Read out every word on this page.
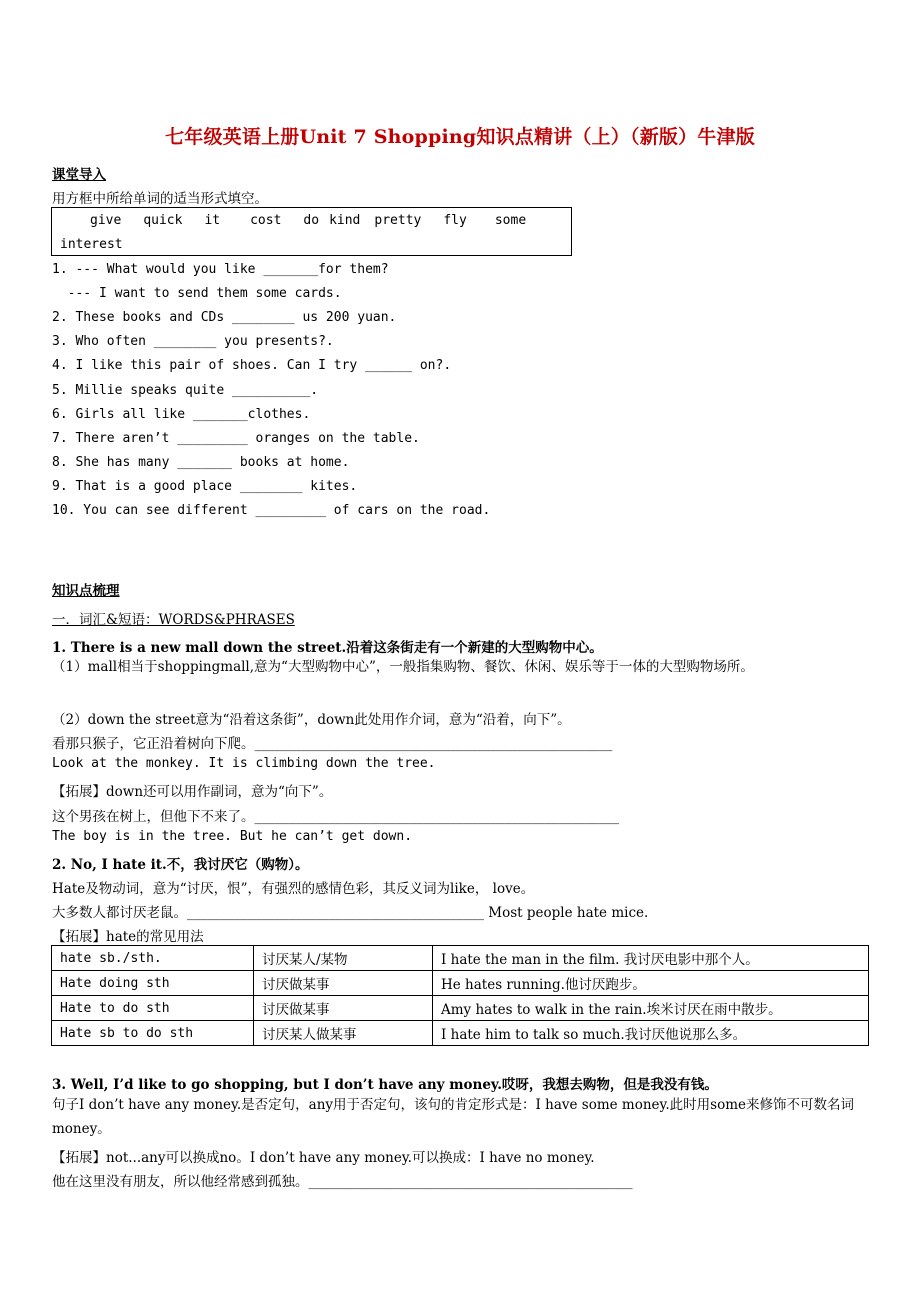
七年级英语上册Unit 7 Shopping知识点精讲（上）（新版）牛津版
课堂导入
用方框中所给单词的适当形式填空。
give quick it cost do kind pretty fly some
interest
1. --- What would you like _______for them?
--- I want to send them some cards.
2. These books and CDs ________ us 200 yuan.
3. Who often ________ you presents?.
4. I like this pair of shoes. Can I try ______ on?.
5. Millie speaks quite __________.
6. Girls all like _______clothes.
7. There aren’t _________ oranges on the table.
8. She has many _______ books at home.
9. That is a good place ________ kites.
10. You can see different _________ of cars on the road.
知识点梳理
一．词汇&短语：WORDS&PHRASES
1. There is a new mall down the street.沿着这条街走有一个新建的大型购物中心。
（1）mall相当于shoppingmall,意为“大型购物中心”，一般指集购物、餐饮、休闲、娱乐等于一体的大型购物场所。
（2）down the street意为“沿着这条街”，down此处用作介词，意为“沿着，向下”。
看那只猴子，它正沿着树向下爬。_____________________________________________________
Look at the monkey. It is climbing down the tree.
【拓展】down还可以用作副词，意为“向下”。
这个男孩在树上，但他下不来了。______________________________________________________
The boy is in the tree. But he can’t get down.
2. No, I hate it.不，我讨厌它（购物）。
Hate及物动词，意为“讨厌，恨”，有强烈的感情色彩，其反义词为like， love。
大多数人都讨厌老鼠。____________________________________________ Most people hate mice.
【拓展】hate的常见用法
hate sb./sth.	讨厌某人/某物	I hate the man in the film. 我讨厌电影中那个人。
Hate doing sth	讨厌做某事	He hates running.他讨厌跑步。
Hate to do sth	讨厌做某事	Amy hates to walk in the rain.埃米讨厌在雨中散步。
Hate sb to do sth	讨厌某人做某事	I hate him to talk so much.我讨厌他说那么多。
3. Well, I’d like to go shopping, but I don’t have any money.哎呀，我想去购物，但是我没有钱。
句子I don’t have any money.是否定句，any用于否定句，该句的肯定形式是：I have some money.此时用some来修饰不可数名词money。
【拓展】not...any可以换成no。I don’t have any money.可以换成：I have no money.
他在这里没有朋友，所以他经常感到孤独。________________________________________________
